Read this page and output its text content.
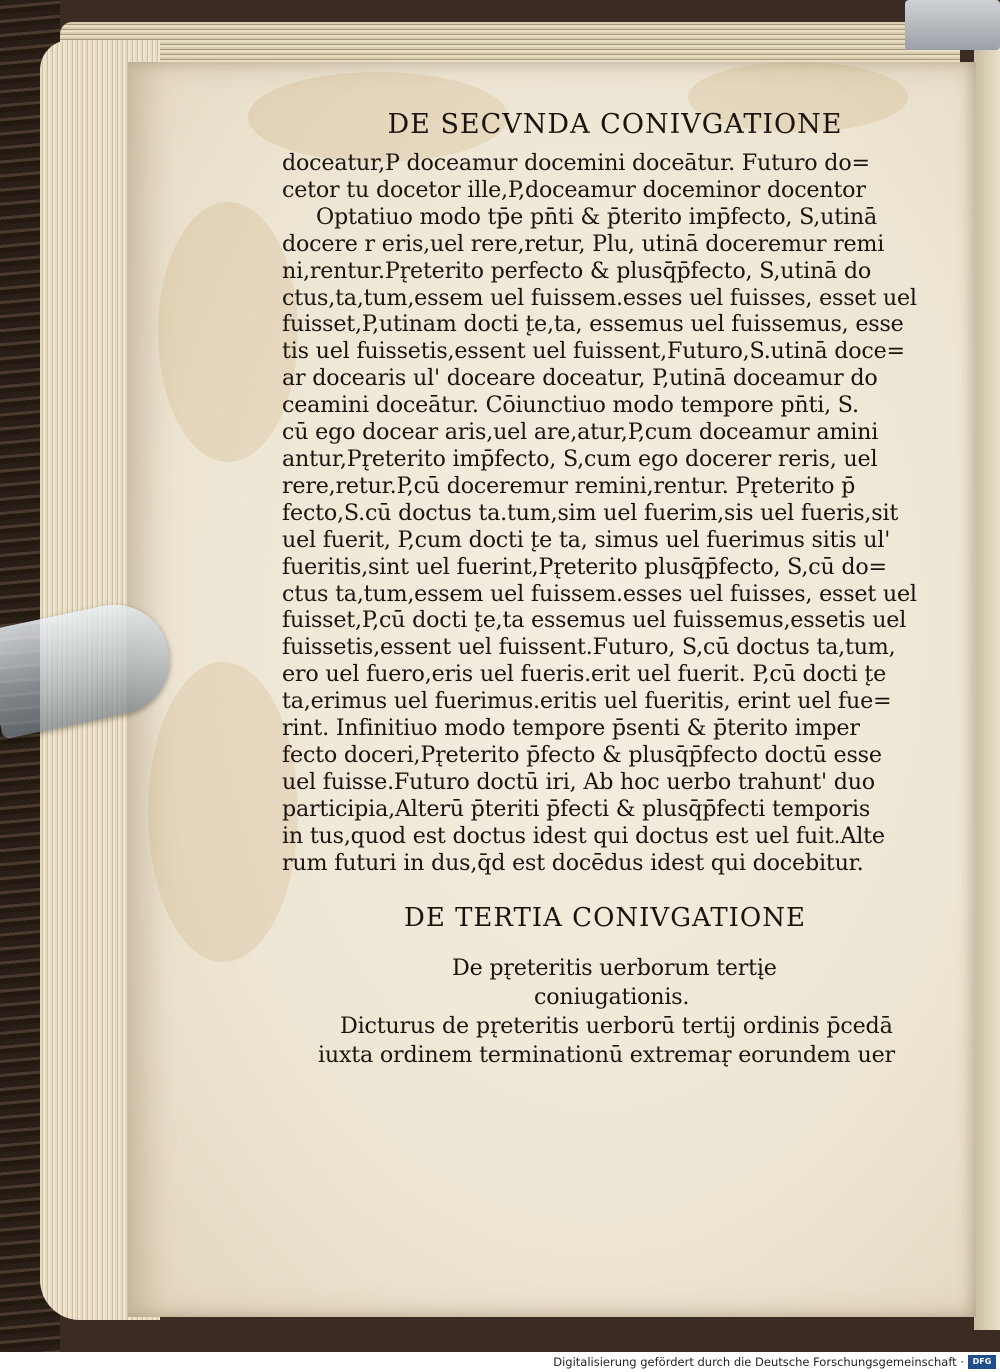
DE SECVNDA CONIVGATIONE
doceatur,P doceamur docemini doceātur. Futuro do=
cetor tu docetor ille,P,doceamur doceminor docentor
Optatiuo modo tp̄e pn̄ti & p̄terito imp̄fecto, S,utinā
docere r eris,uel rere,retur, Plu, utinā doceremur remi
ni,rentur.Pr̨eterito perfecto & plusq̄p̄fecto, S,utinā do
ctus,ta,tum,essem uel fuissem.esses uel fuisses, esset uel
fuisset,P,utinam docti t̨e,ta, essemus uel fuissemus, esse
tis uel fuissetis,essent uel fuissent,Futuro,S.utinā doce=
ar docearis ul' doceare doceatur, P,utinā doceamur do
ceamini doceātur. Cōiunctiuo modo tempore pn̄ti, S.
cū ego docear aris,uel are,atur,P,cum doceamur amini
antur,Pr̨eterito imp̄fecto, S,cum ego docerer reris, uel
rere,retur.P,cū doceremur remini,rentur. Pr̨eterito p̄
fecto,S.cū doctus ta.tum,sim uel fuerim,sis uel fueris,sit
uel fuerit, P,cum docti t̨e ta, simus uel fuerimus sitis ul'
fueritis,sint uel fuerint,Pr̨eterito plusq̄p̄fecto, S,cū do=
ctus ta,tum,essem uel fuissem.esses uel fuisses, esset uel
fuisset,P,cū docti t̨e,ta essemus uel fuissemus,essetis uel
fuissetis,essent uel fuissent.Futuro, S,cū doctus ta,tum,
ero uel fuero,eris uel fueris.erit uel fuerit. P,cū docti t̨e
ta,erimus uel fuerimus.eritis uel fueritis, erint uel fue=
rint. Infinitiuo modo tempore p̄senti & p̄terito imper
fecto doceri,Pr̨eterito p̄fecto & plusq̄p̄fecto doctū esse
uel fuisse.Futuro doctū iri, Ab hoc uerbo trahunt' duo
participia,Alterū p̄teriti p̄fecti & plusq̄p̄fecti temporis
in tus,quod est doctus idest qui doctus est uel fuit.Alte
rum futuri in dus,q̄d est docēdus idest qui docebitur.
DE TERTIA CONIVGATIONE
De pr̨eteritis uerborum tertįe
coniugationis.
Dicturus de pr̨eteritis uerborū tertij ordinis p̄cedā
iuxta ordinem terminationū extremar̨ eorundem uer
Digitalisierung gefördert durch die Deutsche Forschungsgemeinschaft ·	DFG
